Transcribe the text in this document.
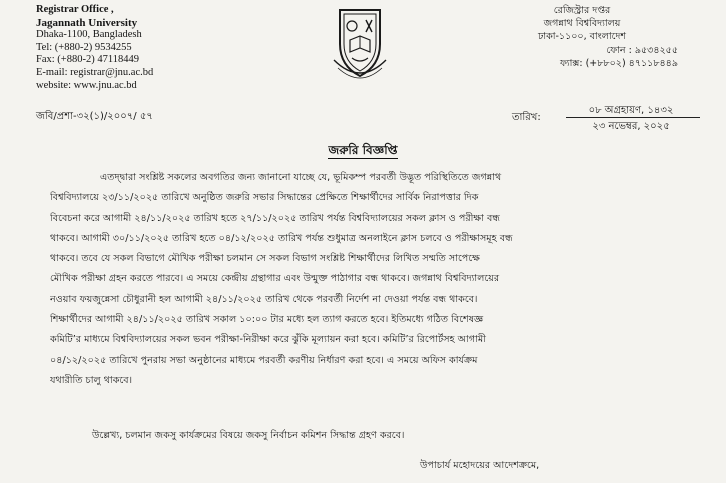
Registrar Office ,
Jagannath University
Dhaka-1100, Bangladesh
Tel: (+880-2) 9534255
Fax: (+880-2) 47118449
E-mail: registrar@jnu.ac.bd
website: www.jnu.ac.bd
রেজিস্ট্রার দপ্তর
জগন্নাথ বিশ্ববিদ্যালয়
ঢাকা-১১০০, বাংলাদেশ
ফোন : ৯৫৩৪২৫৫
ফ্যাক্স: (+৮৮০২) ৪৭১১৮৪৪৯
জবি/প্রশা-৩২(১)/২০০৭/ ৫৭	তারিখ:
০৮ অগ্রহায়ণ, ১৪৩২
২৩ নভেম্বর, ২০২৫
জরুরি বিজ্ঞপ্তি
এতদ্দ্বারা সংশ্লিষ্ট সকলের অবগতির জন্য জানানো যাচ্ছে যে, ভূমিকম্প পরবর্তী উদ্ভূত পরিস্থিতিতে জগন্নাথ
বিশ্ববিদ্যালয়ে ২৩/১১/২০২৫ তারিখে অনুষ্ঠিত জরুরি সভার সিদ্ধান্তের প্রেক্ষিতে শিক্ষার্থীদের সার্বিক নিরাপত্তার দিক
বিবেচনা করে আগামী ২৪/১১/২০২৫ তারিখ হতে ২৭/১১/২০২৫ তারিখ পর্যন্ত বিশ্ববিদ্যালয়ের সকল ক্লাস ও পরীক্ষা বন্ধ
থাকবে। আগামী ৩০/১১/২০২৫ তারিখ হতে ০৪/১২/২০২৫ তারিখ পর্যন্ত শুধুমাত্র অনলাইনে ক্লাস চলবে ও পরীক্ষাসমূহ বন্ধ
থাকবে। তবে যে সকল বিভাগে মৌখিক পরীক্ষা চলমান সে সকল বিভাগ সংশ্লিষ্ট শিক্ষার্থীদের লিখিত সম্মতি সাপেক্ষে
মৌখিক পরীক্ষা গ্রহন করতে পারবে। এ সময়ে কেন্দ্রীয় গ্রন্থাগার এবং উন্মুক্ত পাঠাগার বন্ধ থাকবে। জগন্নাথ বিশ্ববিদ্যালয়ের
নওয়াব ফয়জুন্নেসা চৌধুরানী হল আগামী ২৪/১১/২০২৫ তারিখ থেকে পরবর্তী নির্দেশ না দেওয়া পর্যন্ত বন্ধ থাকবে।
শিক্ষার্থীদের আগামী ২৪/১১/২০২৫ তারিখ সকাল ১০:০০ টার মধ্যে হল ত্যাগ করতে হবে। ইতিমধ্যে গঠিত বিশেষজ্ঞ
কমিটি’র মাধ্যমে বিশ্ববিদ্যালয়ের সকল ভবন পরীক্ষা-নিরীক্ষা করে ঝুঁকি মূল্যায়ন করা হবে। কমিটি’র রিপোর্টসহ আগামী
০৪/১২/২০২৫ তারিখে পুনরায় সভা অনুষ্ঠানের মাধ্যমে পরবর্তী করণীয় নির্ধারণ করা হবে। এ সময়ে অফিস কার্যক্রম
যথারীতি চালু থাকবে।
উল্লেখ্য, চলমান জকসু কার্যক্রমের বিষয়ে জকসু নির্বাচন কমিশন সিদ্ধান্ত গ্রহণ করবে।
উপাচার্য মহোদয়ের আদেশক্রমে,
